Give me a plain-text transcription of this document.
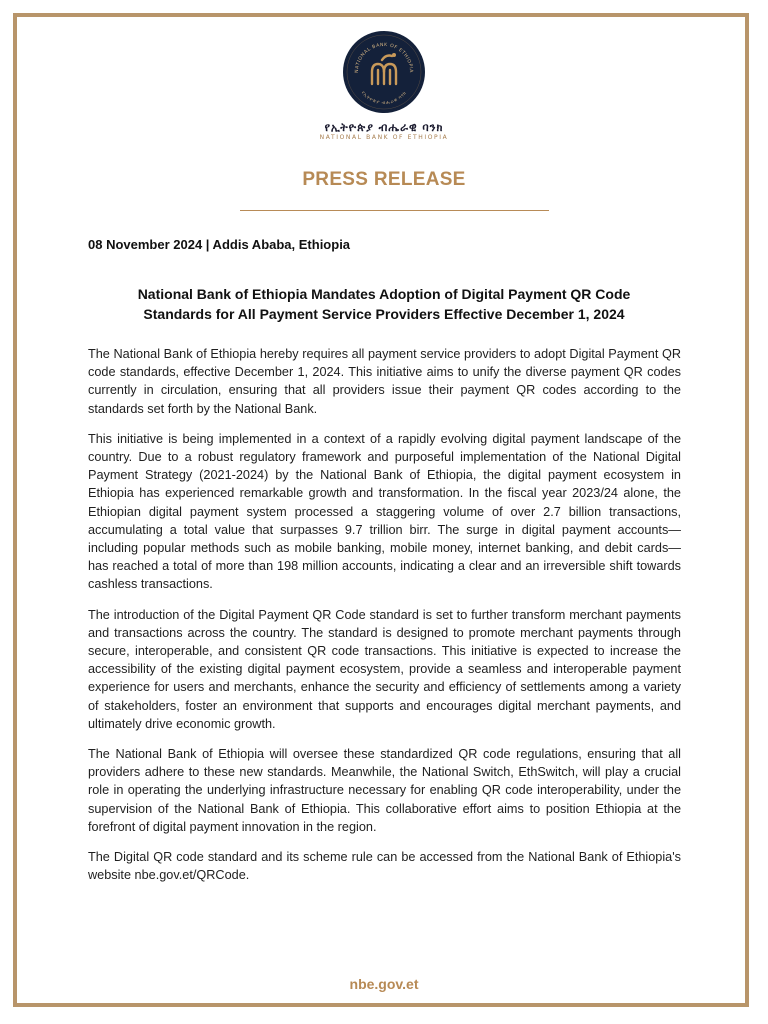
NATIONAL BANK OF ETHIOPIA
የኢትዮጵያ ብሔራዊ ባንክ
የኢትዮጵያ ብሔራዊ ባንክ
NATIONAL BANK OF ETHIOPIA
PRESS RELEASE
08 November 2024 | Addis Ababa, Ethiopia
National Bank of Ethiopia Mandates Adoption of Digital Payment QR Code
Standards for All Payment Service Providers Effective December 1, 2024

The National Bank of Ethiopia hereby requires all payment service providers to adopt Digital Payment QR code standards, effective December 1, 2024. This initiative aims to unify the diverse payment QR codes currently in circulation, ensuring that all providers issue their payment QR codes according to the standards set forth by the National Bank.

This initiative is being implemented in a context of a rapidly evolving digital payment landscape of the country. Due to a robust regulatory framework and purposeful implementation of the National Digital Payment Strategy (2021-2024) by the National Bank of Ethiopia, the digital payment ecosystem in Ethiopia has experienced remarkable growth and transformation. In the fiscal year 2023/24 alone, the Ethiopian digital payment system processed a staggering volume of over 2.7 billion transactions, accumulating a total value that surpasses 9.7 trillion birr. The surge in digital payment accounts—including popular methods such as mobile banking, mobile money, internet banking, and debit cards—has reached a total of more than 198 million accounts, indicating a clear and an irreversible shift towards cashless transactions.

The introduction of the Digital Payment QR Code standard is set to further transform merchant payments and transactions across the country. The standard is designed to promote merchant payments through secure, interoperable, and consistent QR code transactions. This initiative is expected to increase the accessibility of the existing digital payment ecosystem, provide a seamless and interoperable payment experience for users and merchants, enhance the security and efficiency of settlements among a variety of stakeholders, foster an environment that supports and encourages digital merchant payments, and ultimately drive economic growth.

The National Bank of Ethiopia will oversee these standardized QR code regulations, ensuring that all providers adhere to these new standards. Meanwhile, the National Switch, EthSwitch, will play a crucial role in operating the underlying infrastructure necessary for enabling QR code interoperability, under the supervision of the National Bank of Ethiopia. This collaborative effort aims to position Ethiopia at the forefront of digital payment innovation in the region.

The Digital QR code standard and its scheme rule can be accessed from the National Bank of Ethiopia's website nbe.gov.et/QRCode.

nbe.gov.et
